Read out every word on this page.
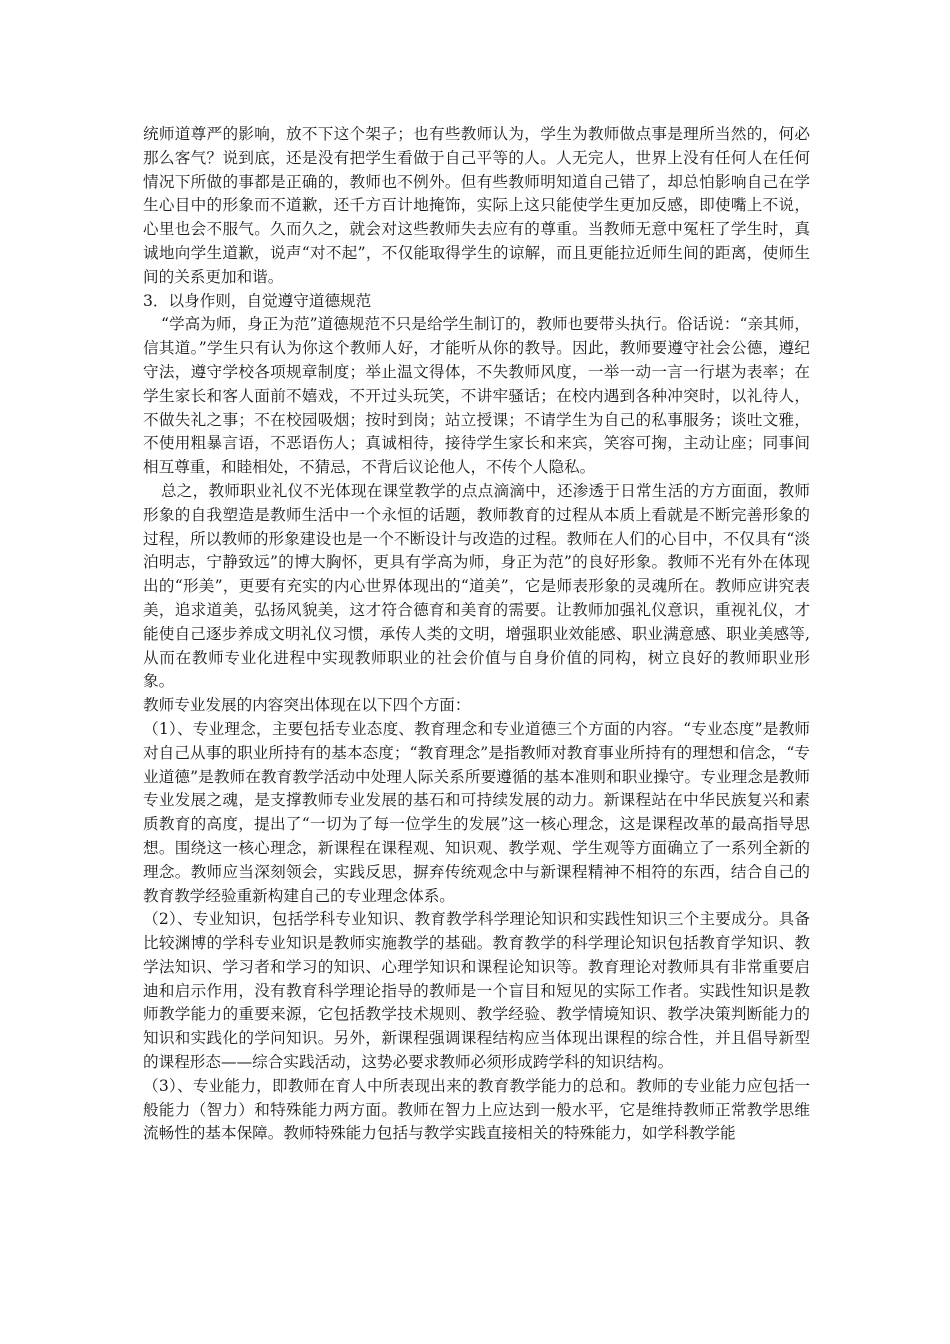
统师道尊严的影响，放不下这个架子；也有些教师认为，学生为教师做点事是理所当然的，何必那么客气？说到底，还是没有把学生看做于自己平等的人。人无完人，世界上没有任何人在任何情况下所做的事都是正确的，教师也不例外。但有些教师明知道自己错了，却总怕影响自己在学生心目中的形象而不道歉，还千方百计地掩饰，实际上这只能使学生更加反感，即使嘴上不说，心里也会不服气。久而久之，就会对这些教师失去应有的尊重。当教师无意中冤枉了学生时，真诚地向学生道歉，说声“对不起”，不仅能取得学生的谅解，而且更能拉近师生间的距离，使师生间的关系更加和谐。

3．以身作则，自觉遵守道德规范

“学高为师，身正为范”道德规范不只是给学生制订的，教师也要带头执行。俗话说：“亲其师，信其道。”学生只有认为你这个教师人好，才能听从你的教导。因此，教师要遵守社会公德，遵纪守法，遵守学校各项规章制度；举止温文得体，不失教师风度，一举一动一言一行堪为表率；在学生家长和客人面前不嬉戏，不开过头玩笑，不讲牢骚话；在校内遇到各种冲突时，以礼待人，不做失礼之事；不在校园吸烟；按时到岗；站立授课；不请学生为自己的私事服务；谈吐文雅，不使用粗暴言语，不恶语伤人；真诚相待，接待学生家长和来宾，笑容可掬，主动让座；同事间相互尊重，和睦相处，不猜忌，不背后议论他人，不传个人隐私。

总之，教师职业礼仪不光体现在课堂教学的点点滴滴中，还渗透于日常生活的方方面面，教师形象的自我塑造是教师生活中一个永恒的话题，教师教育的过程从本质上看就是不断完善形象的过程，所以教师的形象建设也是一个不断设计与改造的过程。教师在人们的心目中，不仅具有“淡泊明志，宁静致远”的博大胸怀，更具有学高为师，身正为范”的良好形象。教师不光有外在体现出的“形美”，更要有充实的内心世界体现出的“道美”，它是师表形象的灵魂所在。教师应讲究表美，追求道美，弘扬风貌美，这才符合德育和美育的需要。让教师加强礼仪意识，重视礼仪，才能使自己逐步养成文明礼仪习惯，承传人类的文明，增强职业效能感、职业满意感、职业美感等,从而在教师专业化进程中实现教师职业的社会价值与自身价值的同构，树立良好的教师职业形象。

教师专业发展的内容突出体现在以下四个方面：

（1）、专业理念，主要包括专业态度、教育理念和专业道德三个方面的内容。“专业态度”是教师对自己从事的职业所持有的基本态度；“教育理念”是指教师对教育事业所持有的理想和信念，“专业道德”是教师在教育教学活动中处理人际关系所要遵循的基本准则和职业操守。专业理念是教师专业发展之魂，是支撑教师专业发展的基石和可持续发展的动力。新课程站在中华民族复兴和素质教育的高度，提出了“一切为了每一位学生的发展”这一核心理念，这是课程改革的最高指导思想。围绕这一核心理念，新课程在课程观、知识观、教学观、学生观等方面确立了一系列全新的理念。教师应当深刻领会，实践反思，摒弃传统观念中与新课程精神不相符的东西，结合自己的教育教学经验重新构建自己的专业理念体系。

（2）、专业知识，包括学科专业知识、教育教学科学理论知识和实践性知识三个主要成分。具备比较渊博的学科专业知识是教师实施教学的基础。教育教学的科学理论知识包括教育学知识、教学法知识、学习者和学习的知识、心理学知识和课程论知识等。教育理论对教师具有非常重要启迪和启示作用，没有教育科学理论指导的教师是一个盲目和短见的实际工作者。实践性知识是教师教学能力的重要来源，它包括教学技术规则、教学经验、教学情境知识、教学决策判断能力的知识和实践化的学问知识。另外，新课程强调课程结构应当体现出课程的综合性，并且倡导新型的课程形态——综合实践活动，这势必要求教师必须形成跨学科的知识结构。

（3）、专业能力，即教师在育人中所表现出来的教育教学能力的总和。教师的专业能力应包括一般能力（智力）和特殊能力两方面。教师在智力上应达到一般水平，它是维持教师正常教学思维流畅性的基本保障。教师特殊能力包括与教学实践直接相关的特殊能力，如学科教学能
